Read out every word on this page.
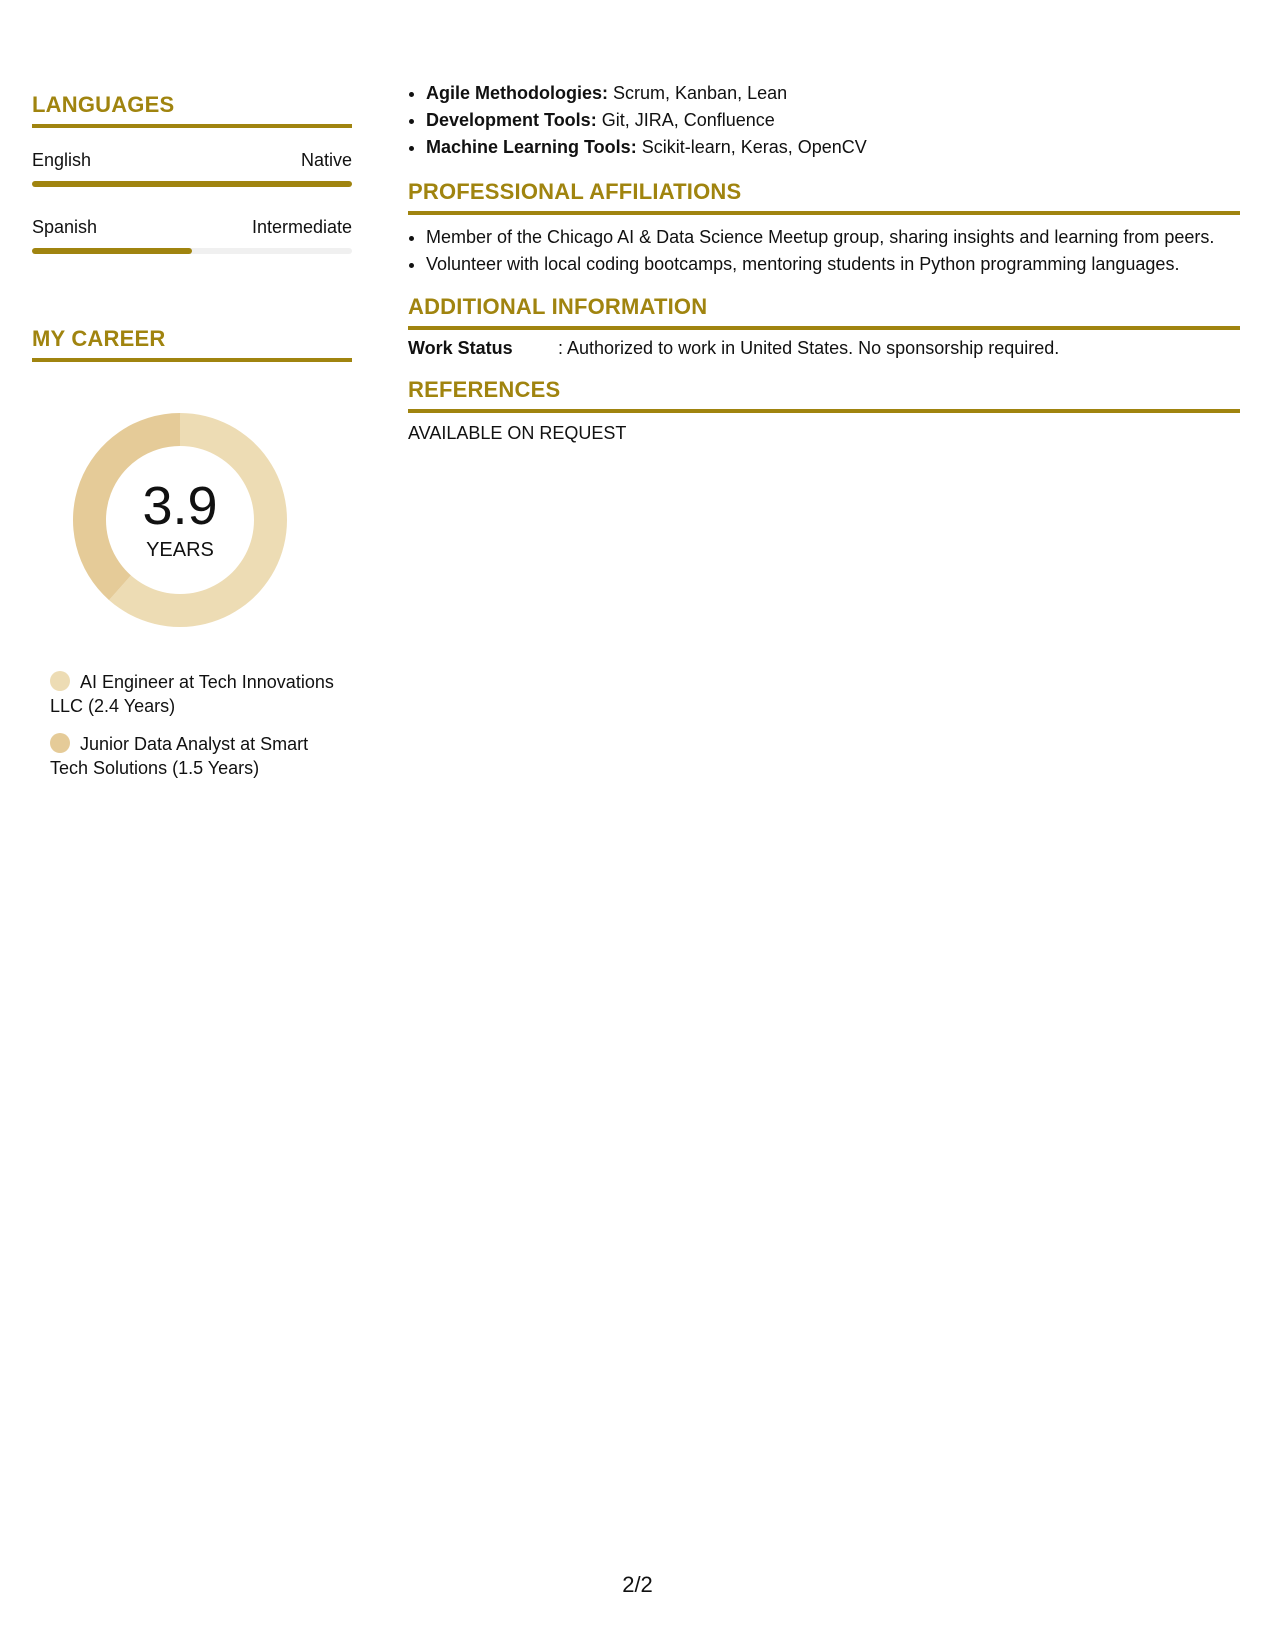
LANGUAGES
English	Native
Spanish	Intermediate
MY CAREER
3.9
YEARS
AI Engineer at Tech Innovations LLC (2.4 Years)
Junior Data Analyst at Smart Tech Solutions (1.5 Years)
• Agile Methodologies: Scrum, Kanban, Lean
• Development Tools: Git, JIRA, Confluence
• Machine Learning Tools: Scikit-learn, Keras, OpenCV
PROFESSIONAL AFFILIATIONS
• Member of the Chicago AI & Data Science Meetup group, sharing insights and learning from peers.
• Volunteer with local coding bootcamps, mentoring students in Python programming languages.
ADDITIONAL INFORMATION
Work Status	: Authorized to work in United States. No sponsorship required.
REFERENCES
AVAILABLE ON REQUEST
2/2
